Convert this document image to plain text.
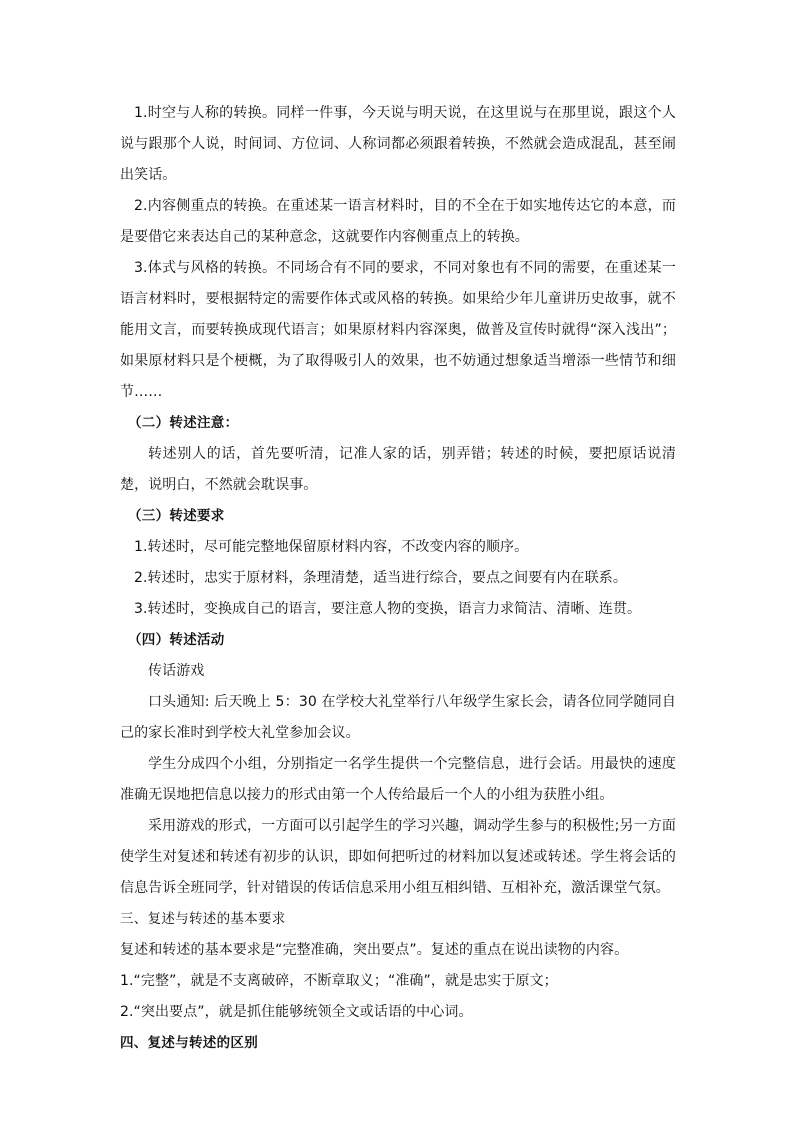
1.时空与人称的转换。同样一件事，今天说与明天说，在这里说与在那里说，跟这个人说与跟那个人说，时间词、方位词、人称词都必须跟着转换，不然就会造成混乱，甚至闹出笑话。

2.内容侧重点的转换。在重述某一语言材料时，目的不全在于如实地传达它的本意，而是要借它来表达自己的某种意念，这就要作内容侧重点上的转换。

3.体式与风格的转换。不同场合有不同的要求，不同对象也有不同的需要，在重述某一语言材料时，要根据特定的需要作体式或风格的转换。如果给少年儿童讲历史故事，就不能用文言，而要转换成现代语言；如果原材料内容深奥，做普及宣传时就得“深入浅出”；如果原材料只是个梗概，为了取得吸引人的效果，也不妨通过想象适当增添一些情节和细节……

（二）转述注意：

转述别人的话，首先要听清，记准人家的话，别弄错；转述的时候，要把原话说清楚，说明白，不然就会耽误事。

（三）转述要求

1.转述时，尽可能完整地保留原材料内容，不改变内容的顺序。

2.转述时，忠实于原材料，条理清楚，适当进行综合，要点之间要有内在联系。

3.转述时，变换成自己的语言，要注意人物的变换，语言力求简洁、清晰、连贯。

（四）转述活动

传话游戏

口头通知: 后天晚上 5：30 在学校大礼堂举行八年级学生家长会，请各位同学随同自己的家长准时到学校大礼堂参加会议。

学生分成四个小组，分别指定一名学生提供一个完整信息，进行会话。用最快的速度准确无误地把信息以接力的形式由第一个人传给最后一个人的小组为获胜小组。

采用游戏的形式，一方面可以引起学生的学习兴趣，调动学生参与的积极性;另一方面使学生对复述和转述有初步的认识，即如何把听过的材料加以复述或转述。学生将会话的信息告诉全班同学，针对错误的传话信息采用小组互相纠错、互相补充，激活课堂气氛。

三、复述与转述的基本要求

复述和转述的基本要求是“完整准确，突出要点”。复述的重点在说出读物的内容。

1.“完整”，就是不支离破碎，不断章取义；“准确”，就是忠实于原文；

2.“突出要点”，就是抓住能够统领全文或话语的中心词。

四、复述与转述的区别
